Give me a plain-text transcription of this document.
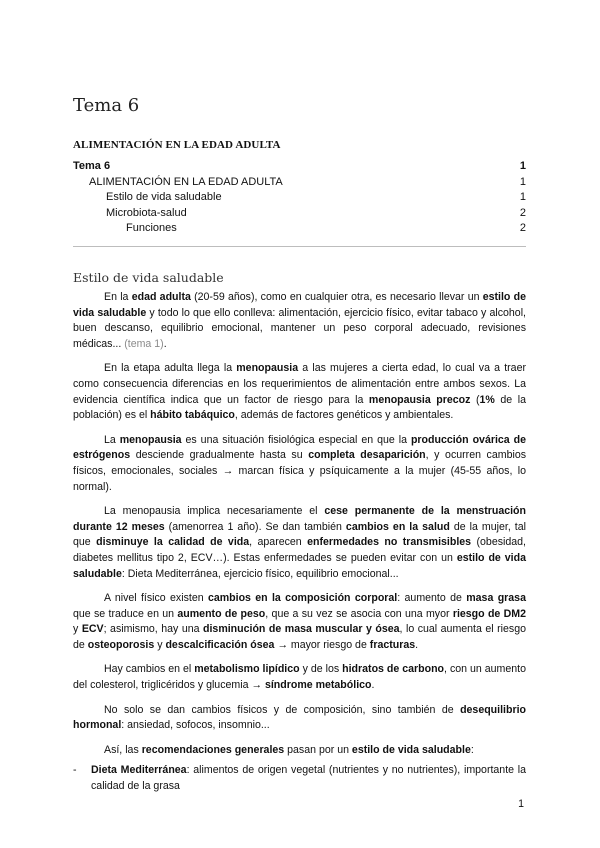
Tema 6
ALIMENTACIÓN EN LA EDAD ADULTA
Tema 6	1
ALIMENTACIÓN EN LA EDAD ADULTA	1
Estilo de vida saludable	1
Microbiota-salud	2
Funciones	2
Estilo de vida saludable

En la edad adulta (20-59 años), como en cualquier otra, es necesario llevar un estilo de vida saludable y todo lo que ello conlleva: alimentación, ejercicio físico, evitar tabaco y alcohol, buen descanso, equilibrio emocional, mantener un peso corporal adecuado, revisiones médicas... (tema 1).

En la etapa adulta llega la menopausia a las mujeres a cierta edad, lo cual va a traer como consecuencia diferencias en los requerimientos de alimentación entre ambos sexos. La evidencia científica indica que un factor de riesgo para la menopausia precoz (1% de la población) es el hábito tabáquico, además de factores genéticos y ambientales.

La menopausia es una situación fisiológica especial en que la producción ovárica de estrógenos desciende gradualmente hasta su completa desaparición, y ocurren cambios físicos, emocionales, sociales → marcan física y psíquicamente a la mujer (45-55 años, lo normal).

La menopausia implica necesariamente el cese permanente de la menstruación durante 12 meses (amenorrea 1 año). Se dan también cambios en la salud de la mujer, tal que disminuye la calidad de vida, aparecen enfermedades no transmisibles (obesidad, diabetes mellitus tipo 2, ECV…). Estas enfermedades se pueden evitar con un estilo de vida saludable: Dieta Mediterránea, ejercicio físico, equilibrio emocional...

A nivel físico existen cambios en la composición corporal: aumento de masa grasa que se traduce en un aumento de peso, que a su vez se asocia con una myor riesgo de DM2 y ECV; asimismo, hay una disminución de masa muscular y ósea, lo cual aumenta el riesgo de osteoporosis y descalcificación ósea → mayor riesgo de fracturas.

Hay cambios en el metabolismo lipídico y de los hidratos de carbono, con un aumento del colesterol, triglicéridos y glucemia → síndrome metabólico.

No solo se dan cambios físicos y de composición, sino también de desequilibrio hormonal: ansiedad, sofocos, insomnio...

Así, las recomendaciones generales pasan por un estilo de vida saludable:

- Dieta Mediterránea: alimentos de origen vegetal (nutrientes y no nutrientes), importante la calidad de la grasa
1
